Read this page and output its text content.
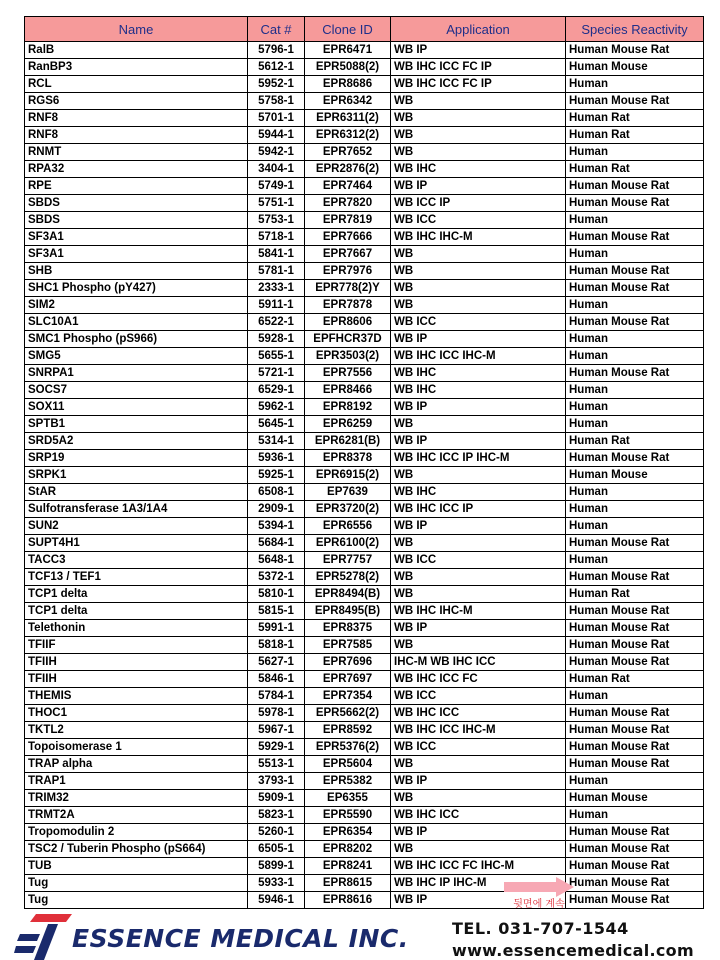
Name	Cat #	Clone ID	Application	Species Reactivity
RalB	5796-1	EPR6471	WB IP	Human Mouse Rat
RanBP3	5612-1	EPR5088(2)	WB IHC ICC FC IP	Human Mouse
RCL	5952-1	EPR8686	WB IHC ICC FC IP	Human
RGS6	5758-1	EPR6342	WB	Human Mouse Rat
RNF8	5701-1	EPR6311(2)	WB	Human Rat
RNF8	5944-1	EPR6312(2)	WB	Human Rat
RNMT	5942-1	EPR7652	WB	Human
RPA32	3404-1	EPR2876(2)	WB IHC	Human Rat
RPE	5749-1	EPR7464	WB IP	Human Mouse Rat
SBDS	5751-1	EPR7820	WB ICC IP	Human Mouse Rat
SBDS	5753-1	EPR7819	WB ICC	Human
SF3A1	5718-1	EPR7666	WB IHC IHC-M	Human Mouse Rat
SF3A1	5841-1	EPR7667	WB	Human
SHB	5781-1	EPR7976	WB	Human Mouse Rat
SHC1 Phospho (pY427)	2333-1	EPR778(2)Y	WB	Human Mouse Rat
SIM2	5911-1	EPR7878	WB	Human
SLC10A1	6522-1	EPR8606	WB ICC	Human Mouse Rat
SMC1 Phospho (pS966)	5928-1	EPFHCR37D	WB IP	Human
SMG5	5655-1	EPR3503(2)	WB IHC ICC IHC-M	Human
SNRPA1	5721-1	EPR7556	WB IHC	Human Mouse Rat
SOCS7	6529-1	EPR8466	WB IHC	Human
SOX11	5962-1	EPR8192	WB IP	Human
SPTB1	5645-1	EPR6259	WB	Human
SRD5A2	5314-1	EPR6281(B)	WB IP	Human Rat
SRP19	5936-1	EPR8378	WB IHC ICC IP IHC-M	Human Mouse Rat
SRPK1	5925-1	EPR6915(2)	WB	Human Mouse
StAR	6508-1	EP7639	WB IHC	Human
Sulfotransferase 1A3/1A4	2909-1	EPR3720(2)	WB IHC ICC IP	Human
SUN2	5394-1	EPR6556	WB IP	Human
SUPT4H1	5684-1	EPR6100(2)	WB	Human Mouse Rat
TACC3	5648-1	EPR7757	WB ICC	Human
TCF13 / TEF1	5372-1	EPR5278(2)	WB	Human Mouse Rat
TCP1 delta	5810-1	EPR8494(B)	WB	Human Rat
TCP1 delta	5815-1	EPR8495(B)	WB IHC IHC-M	Human Mouse Rat
Telethonin	5991-1	EPR8375	WB IP	Human Mouse Rat
TFIIF	5818-1	EPR7585	WB	Human Mouse Rat
TFIIH	5627-1	EPR7696	IHC-M WB IHC ICC	Human Mouse Rat
TFIIH	5846-1	EPR7697	WB IHC ICC FC	Human Rat
THEMIS	5784-1	EPR7354	WB ICC	Human
THOC1	5978-1	EPR5662(2)	WB IHC ICC	Human Mouse Rat
TKTL2	5967-1	EPR8592	WB IHC ICC IHC-M	Human Mouse Rat
Topoisomerase 1	5929-1	EPR5376(2)	WB ICC	Human Mouse Rat
TRAP alpha	5513-1	EPR5604	WB	Human Mouse Rat
TRAP1	3793-1	EPR5382	WB IP	Human
TRIM32	5909-1	EP6355	WB	Human Mouse
TRMT2A	5823-1	EPR5590	WB IHC ICC	Human
Tropomodulin 2	5260-1	EPR6354	WB IP	Human Mouse Rat
TSC2 / Tuberin Phospho (pS664)	6505-1	EPR8202	WB	Human Mouse Rat
TUB	5899-1	EPR8241	WB IHC ICC FC IHC-M	Human Mouse Rat
Tug	5933-1	EPR8615	WB IHC IP IHC-M	Human Mouse Rat
Tug	5946-1	EPR8616	WB IP	Human Mouse Rat
뒷면에 계속
ESSENCE MEDICAL INC.	TEL. 031-707-1544
www.essencemedical.com
